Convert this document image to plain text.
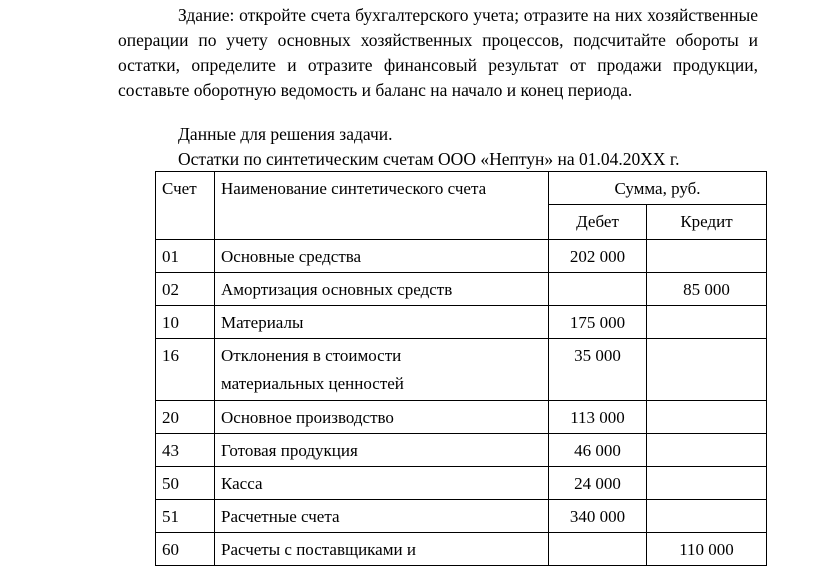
Здание: откройте счета бухгалтерского учета; отразите на них хозяйственные операции по учету основных хозяйственных процессов, подсчитайте обороты и остатки, определите и отразите финансовый результат от продажи продукции, составьте оборотную ведомость и баланс на начало и конец периода.
Данные для решения задачи.
Остатки по синтетическим счетам ООО «Нептун» на 01.04.20ХХ г.
Счет	Наименование синтетического счета	Сумма, руб.	
		Дебет	Кредит
01	Основные средства	202 000	
02	Амортизация основных средств		85 000
10	Материалы	175 000	
16	Отклонения в стоимости
материальных ценностей	35 000	
20	Основное производство	113 000	
43	Готовая продукция	46 000	
50	Касса	24 000	
51	Расчетные счета	340 000	
60	Расчеты с поставщиками и		110 000
